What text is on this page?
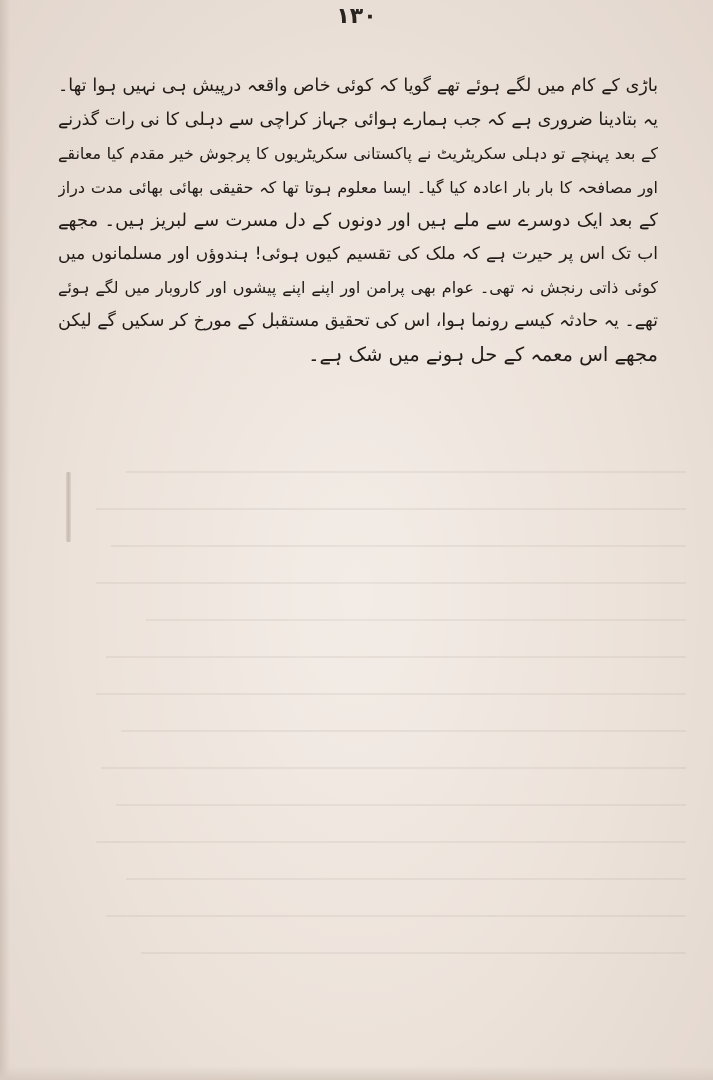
١٣٠
باڑی کے کام میں لگے ہوئے تھے گویا کہ کوئی خاص واقعہ درپیش ہی نہیں ہوا تھا۔
یہ بتادینا ضروری ہے کہ جب ہمارے ہوائی جہاز کراچی سے دہلی کا نی رات گذرنے
کے بعد پہنچے تو دہلی سکریٹریٹ نے پاکستانی سکریٹریوں کا پرجوش خیر مقدم کیا معانقے
اور مصافحہ کا بار بار اعادہ کیا گیا۔ ایسا معلوم ہوتا تھا کہ حقیقی بھائی بھائی مدت دراز
کے بعد ایک دوسرے سے ملے ہیں اور دونوں کے دل مسرت سے لبریز ہیں۔ مجھے
اب تک اس پر حیرت ہے کہ ملک کی تقسیم کیوں ہوئی! ہندوؤں اور مسلمانوں میں
کوئی ذاتی رنجش نہ تھی۔ عوام بھی پرامن اور اپنے اپنے پیشوں اور کاروبار میں لگے ہوئے
تھے۔ یہ حادثہ کیسے رونما ہوا، اس کی تحقیق مستقبل کے مورخ کر سکیں گے لیکن
مجھے اس معمہ کے حل ہونے میں شک ہے۔
